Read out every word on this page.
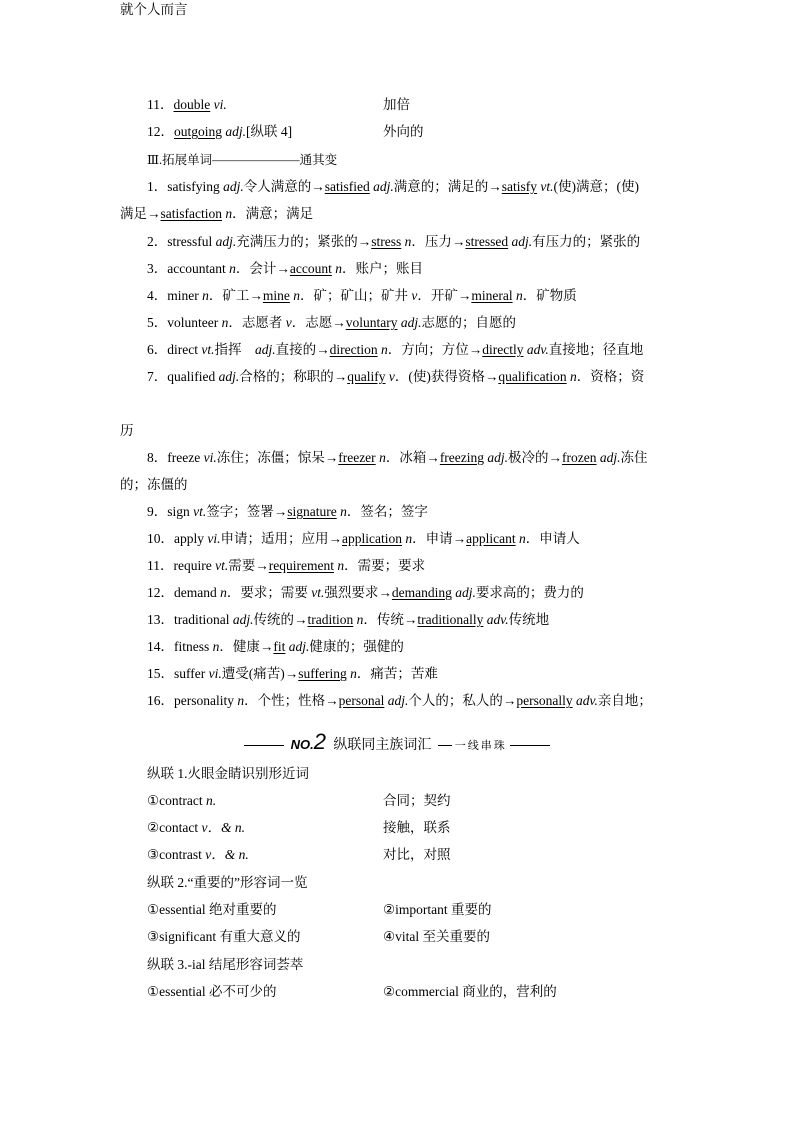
11．double vi.	加倍
12．outgoing adj.[纵联 4]	外向的
Ⅲ.拓展单词———————通其变
1．satisfying adj.令人满意的→satisfied adj.满意的；满足的→satisfy vt.(使)满意；(使)
满足→satisfaction n．满意；满足
2．stressful adj.充满压力的；紧张的→stress n．压力→stressed adj.有压力的；紧张的
3．accountant n．会计→account n．账户；账目
4．miner n．矿工→mine n．矿；矿山；矿井 v．开矿→mineral n．矿物质
5．volunteer n．志愿者 v．志愿→voluntary adj.志愿的；自愿的
6．direct vt.指挥　adj.直接的→direction n．方向；方位→directly adv.直接地；径直地
7．qualified adj.合格的；称职的→qualify v．(使)获得资格→qualification n．资格；资
历
8．freeze vi.冻住；冻僵；惊呆→freezer n．冰箱→freezing adj.极冷的→frozen adj.冻住
的；冻僵的
9．sign vt.签字；签署→signature n．签名；签字
10．apply vi.申请；适用；应用→application n．申请→applicant n．申请人
11．require vt.需要→requirement n．需要；要求
12．demand n．要求；需要 vt.强烈要求→demanding adj.要求高的；费力的
13．traditional adj.传统的→tradition n．传统→traditionally adv.传统地
14．fitness n．健康→fit adj.健康的；强健的
15．suffer vi.遭受(痛苦)→suffering n．痛苦；苦难
16．personality n．个性；性格→personal adj.个人的；私人的→personally adv.亲自地；
就个人而言
NO.2 纵联同主族词汇 一线串珠
纵联 1.火眼金睛识别形近词
①contract n.	合同；契约
②contact v．& n.	接触，联系
③contrast v．& n.	对比，对照
纵联 2.“重要的”形容词一览
①essential 绝对重要的	②important 重要的
③significant 有重大意义的	④vital 至关重要的
纵联 3.-ial 结尾形容词荟萃
①essential 必不可少的	②commercial 商业的，营利的
